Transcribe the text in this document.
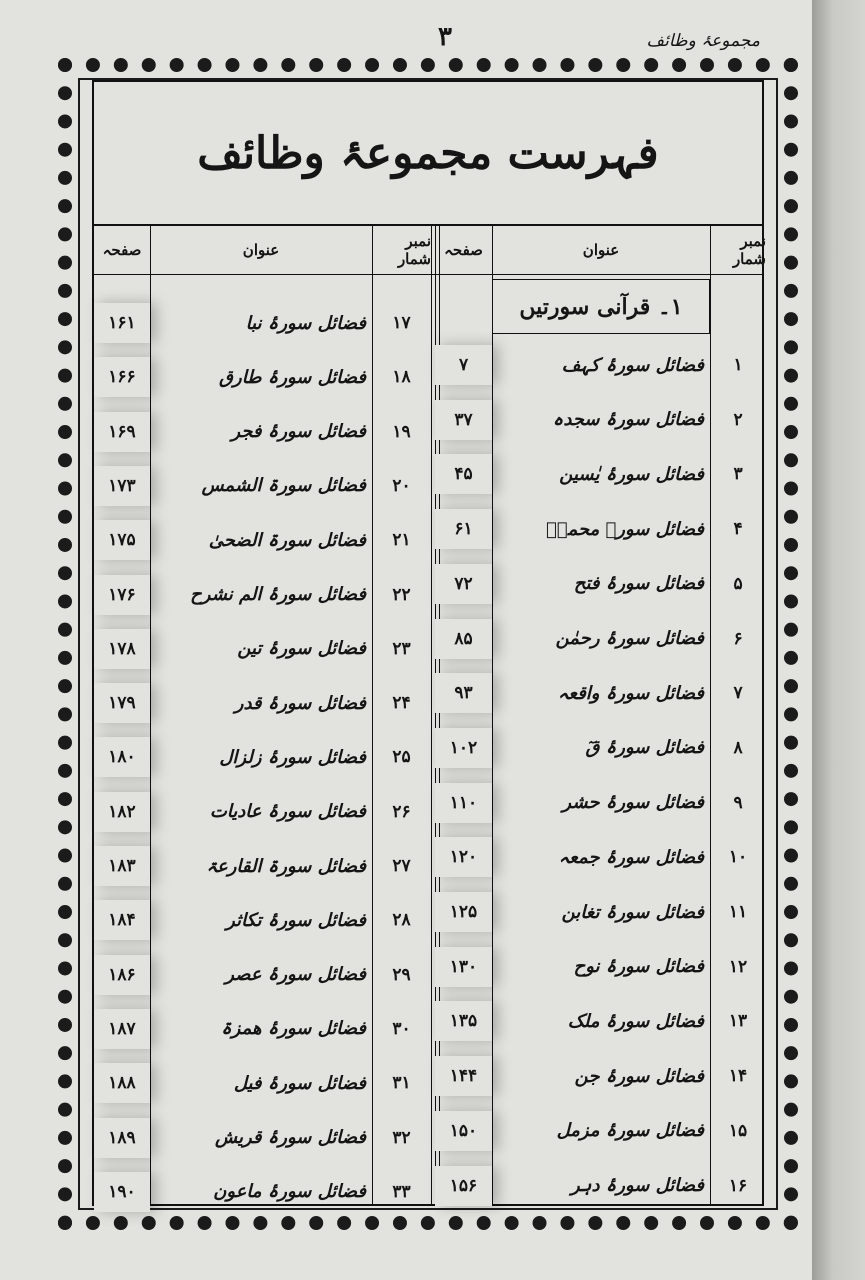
مجموعۂ وظائف
۳
فہرست مجموعۂ وظائف
نمبر شمار
عنوان
صفحہ
نمبر شمار
عنوان
صفحہ
۱۔ قرآنی سورتیں
۱
فضائل سورۂ کہف
۷
۲
فضائل سورۂ سجدہ
۳۷
۳
فضائل سورۂ یٰسین
۴۵
۴
فضائل سورۂ محمدؐ
۶۱
۵
فضائل سورۂ فتح
۷۲
۶
فضائل سورۂ رحمٰن
۸۵
۷
فضائل سورۂ واقعہ
۹۳
۸
فضائل سورۂ قٓ
۱۰۲
۹
فضائل سورۂ حشر
۱۱۰
۱۰
فضائل سورۂ جمعہ
۱۲۰
۱۱
فضائل سورۂ تغابن
۱۲۵
۱۲
فضائل سورۂ نوح
۱۳۰
۱۳
فضائل سورۂ ملک
۱۳۵
۱۴
فضائل سورۂ جن
۱۴۴
۱۵
فضائل سورۂ مزمل
۱۵۰
۱۶
فضائل سورۂ دہر
۱۵۶
۱۷
فضائل سورۂ نبا
۱۶۱
۱۸
فضائل سورۂ طارق
۱۶۶
۱۹
فضائل سورۂ فجر
۱۶۹
۲۰
فضائل سورۃ الشمس
۱۷۳
۲۱
فضائل سورۃ الضحیٰ
۱۷۵
۲۲
فضائل سورۂ الم نشرح
۱۷۶
۲۳
فضائل سورۂ تین
۱۷۸
۲۴
فضائل سورۂ قدر
۱۷۹
۲۵
فضائل سورۂ زلزال
۱۸۰
۲۶
فضائل سورۂ عادیات
۱۸۲
۲۷
فضائل سورۃ القارعۃ
۱۸۳
۲۸
فضائل سورۂ تکاثر
۱۸۴
۲۹
فضائل سورۂ عصر
۱۸۶
۳۰
فضائل سورۂ ھمزۃ
۱۸۷
۳۱
فضائل سورۂ فیل
۱۸۸
۳۲
فضائل سورۂ قریش
۱۸۹
۳۳
فضائل سورۂ ماعون
۱۹۰
